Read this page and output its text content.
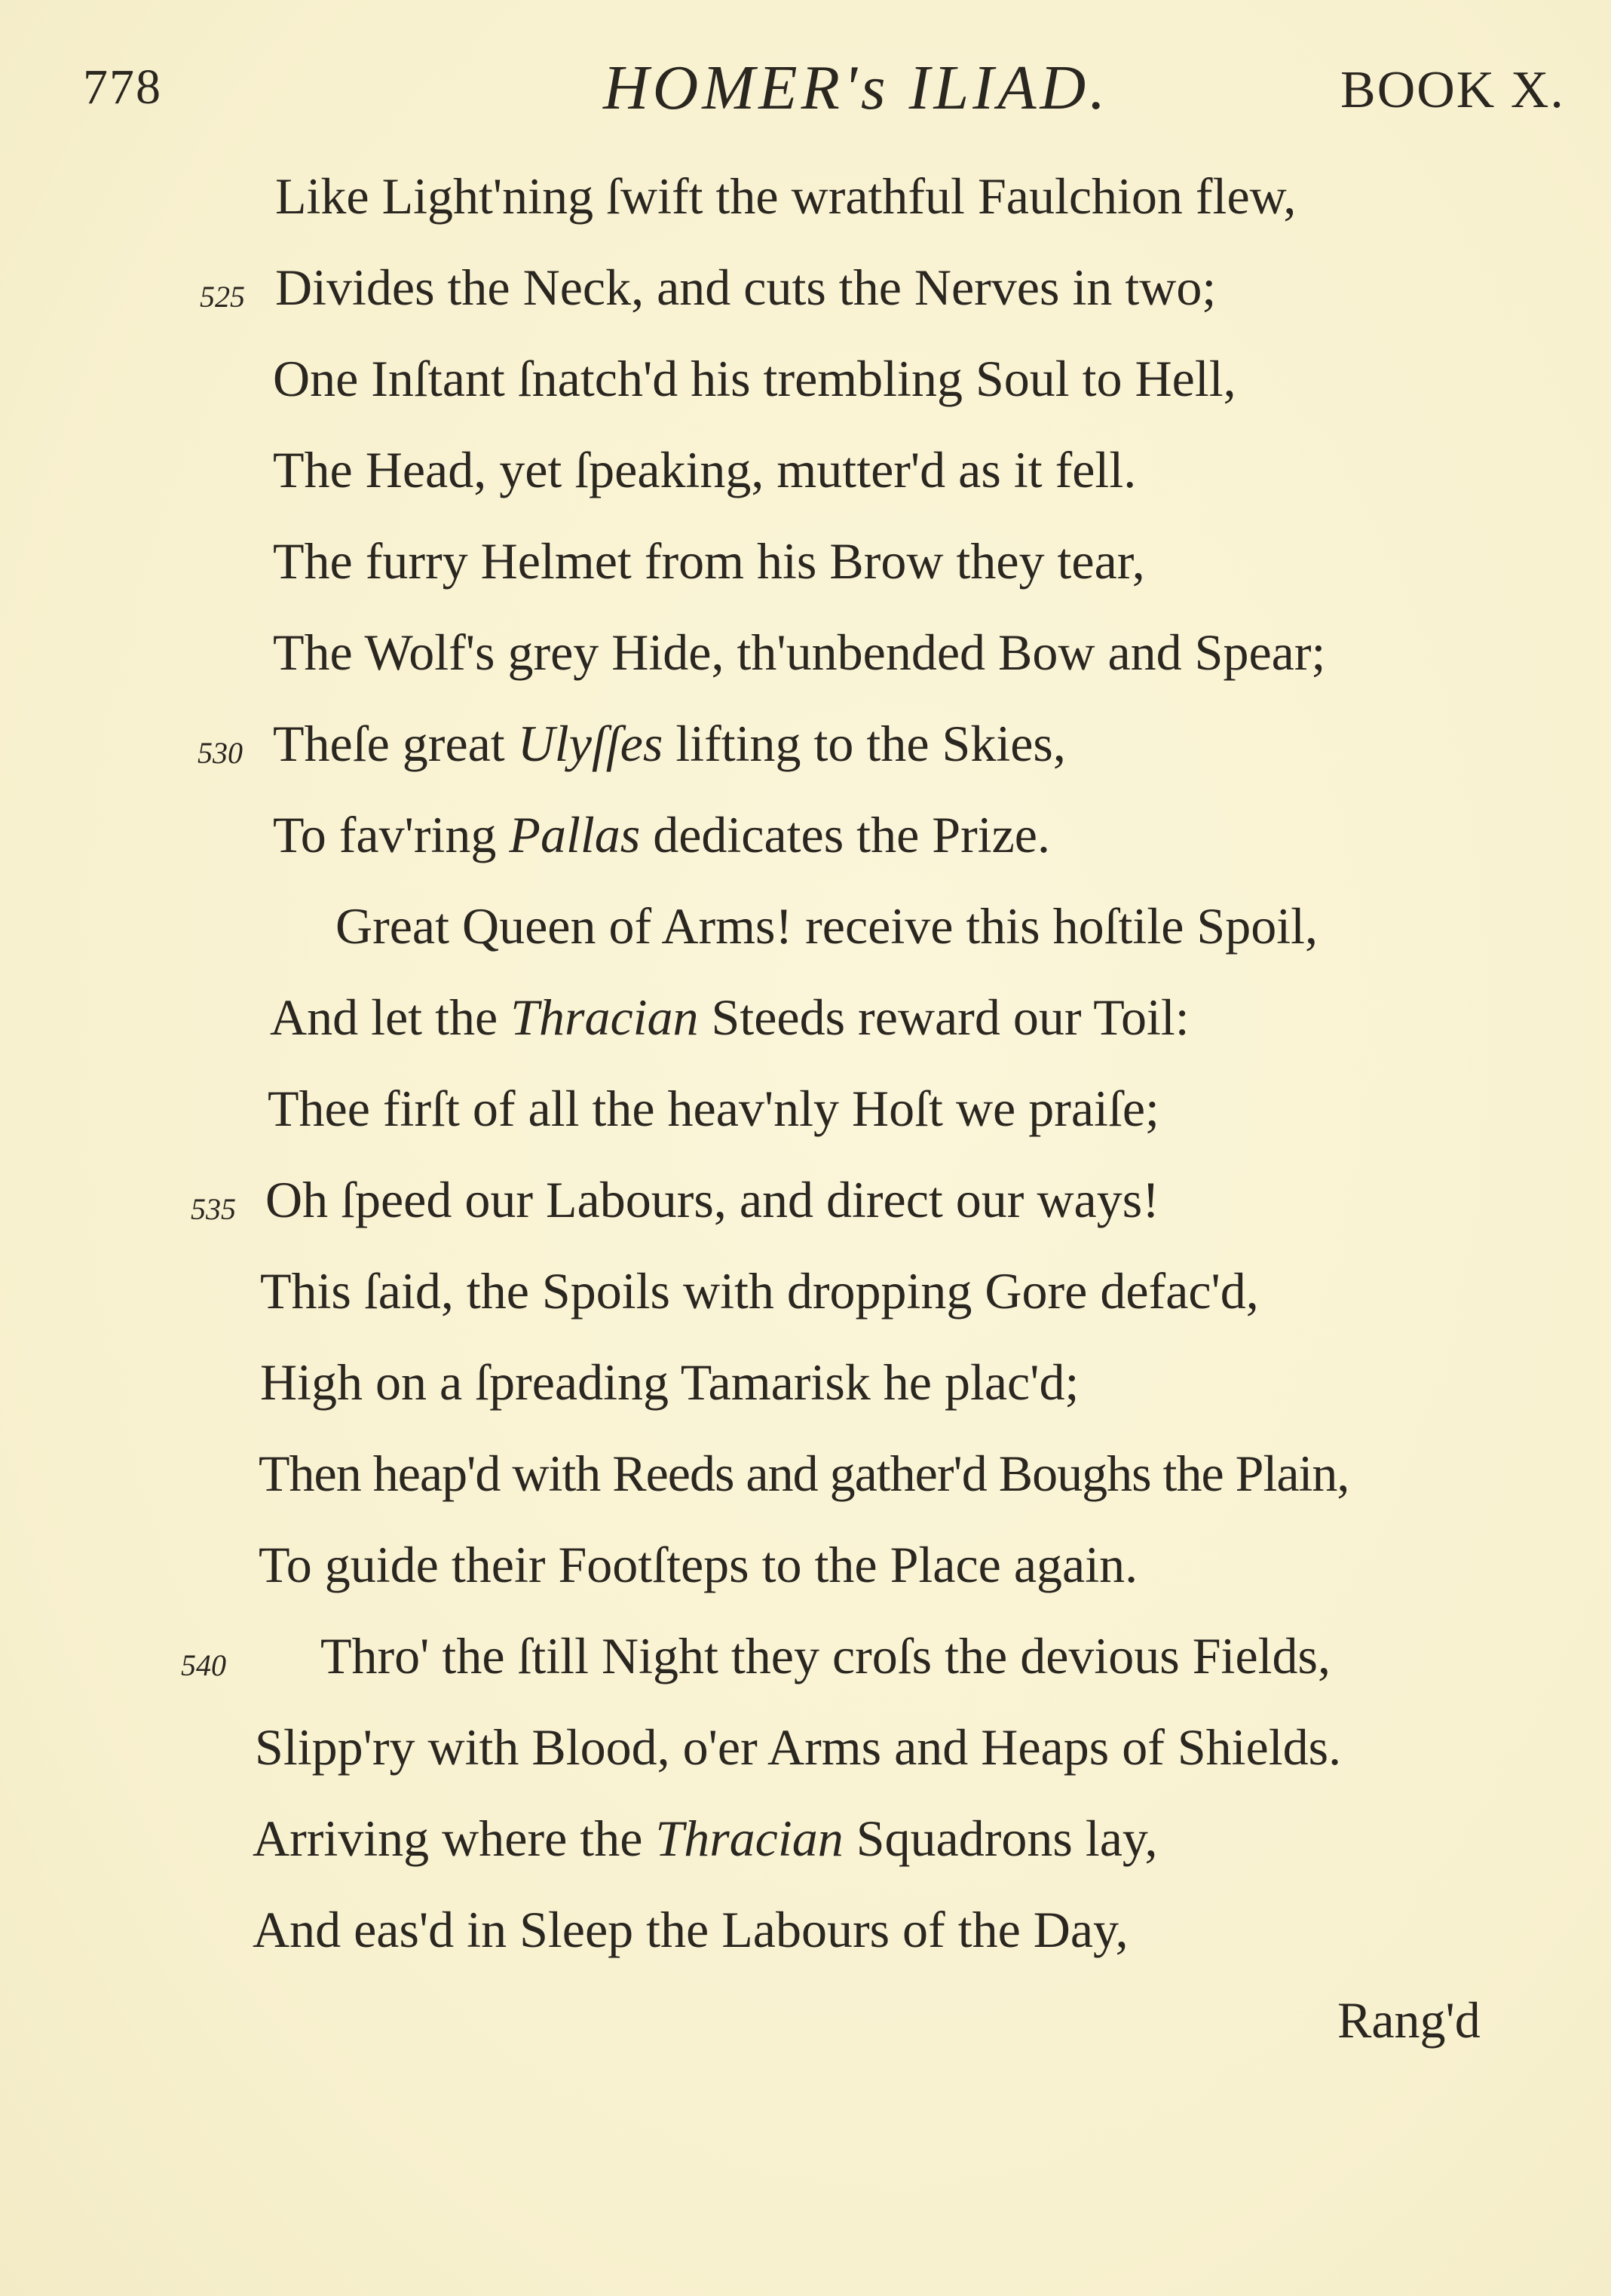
778	HOMER's ILIAD.	BOOK X.
Like Light'ning ſwift the wrathful Faulchion flew,
525 Divides the Neck, and cuts the Nerves in two;
One Inſtant ſnatch'd his trembling Soul to Hell,
The Head, yet ſpeaking, mutter'd as it fell.
The furry Helmet from his Brow they tear,
The Wolf's grey Hide, th'unbended Bow and Spear;
530 Theſe great Ulyſſes lifting to the Skies,
To fav'ring Pallas dedicates the Prize.
Great Queen of Arms! receive this hoſtile Spoil,
And let the Thracian Steeds reward our Toil:
Thee firſt of all the heav'nly Hoſt we praiſe;
535 Oh ſpeed our Labours, and direct our ways!
This ſaid, the Spoils with dropping Gore defac'd,
High on a ſpreading Tamarisk he plac'd;
Then heap'd with Reeds and gather'd Boughs the Plain,
To guide their Footſteps to the Place again.
540 Thro' the ſtill Night they croſs the devious Fields,
Slipp'ry with Blood, o'er Arms and Heaps of Shields.
Arriving where the Thracian Squadrons lay,
And eas'd in Sleep the Labours of the Day,
Rang'd
